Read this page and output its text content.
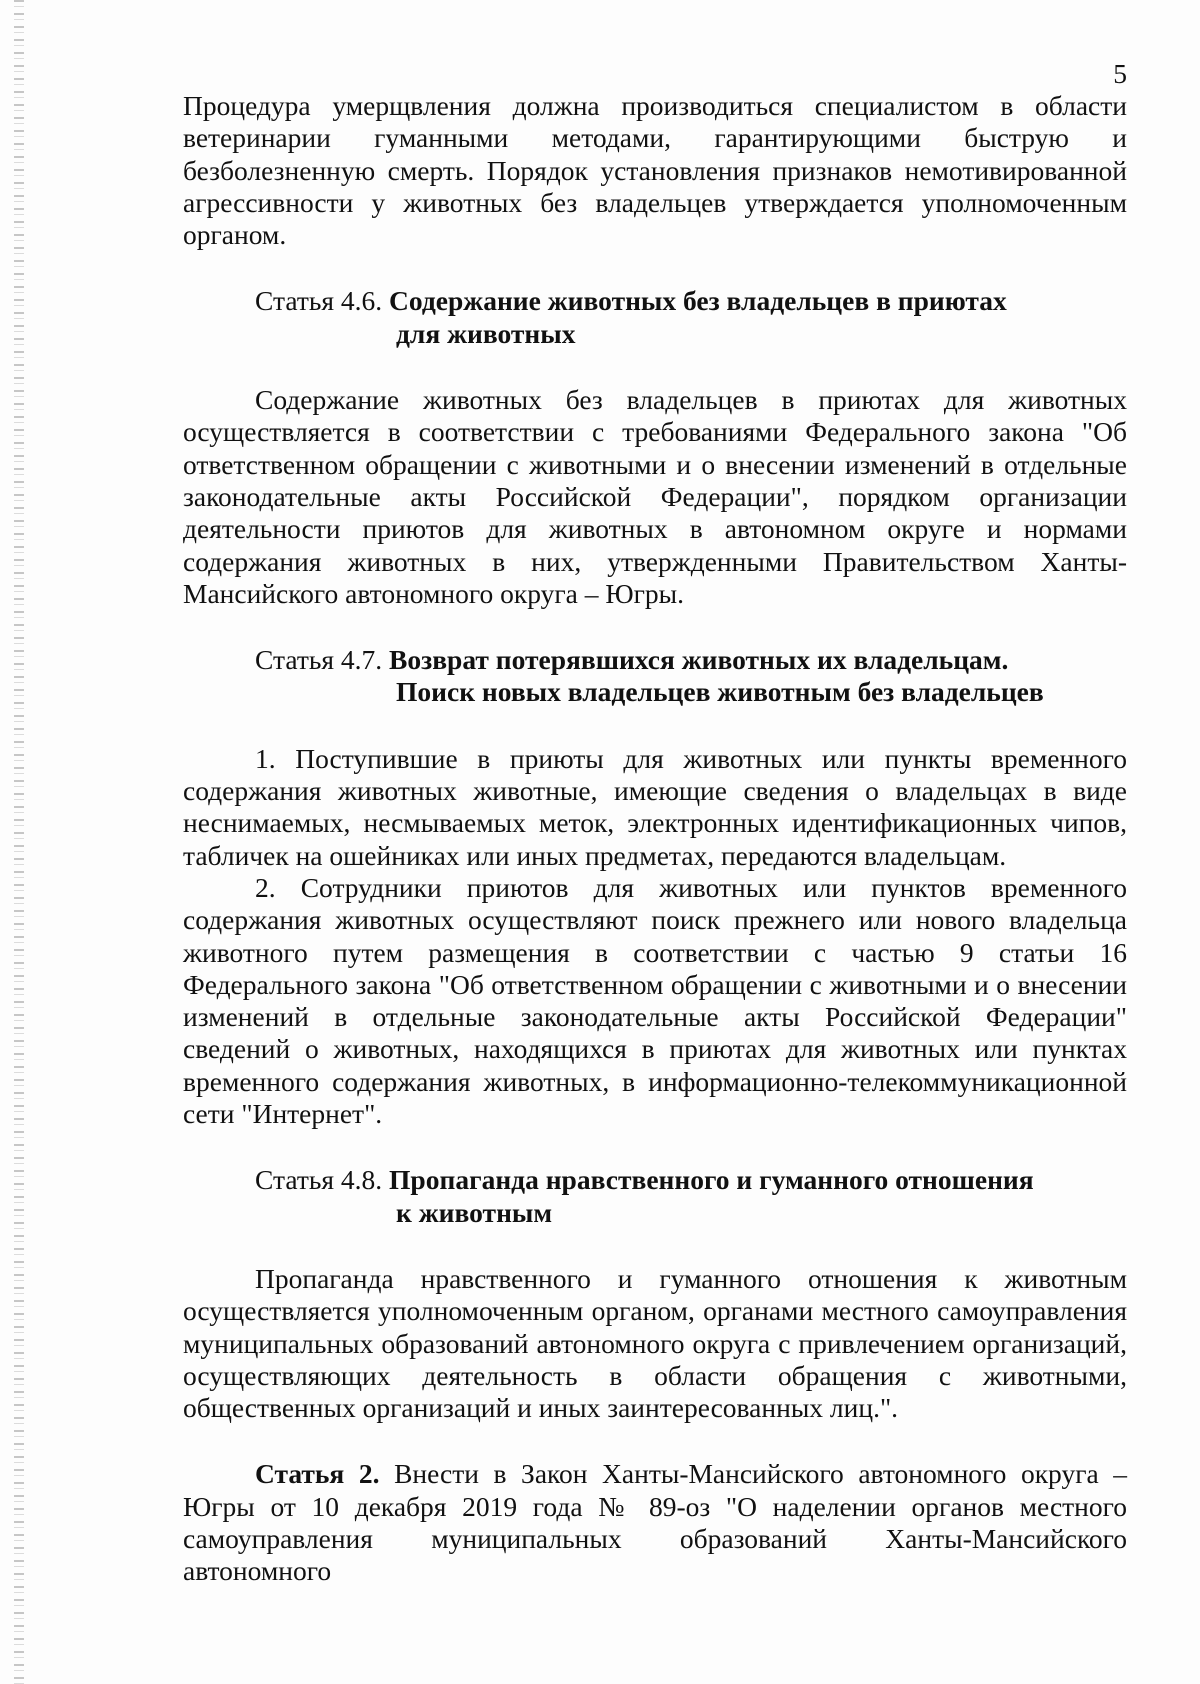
5

Процедура умерщвления должна производиться специалистом в области ветеринарии гуманными методами, гарантирующими быструю и безболезненную смерть. Порядок установления признаков немотивированной агрессивности у животных без владельцев утверждается уполномоченным органом.

Статья 4.6. Содержание животных без владельцев в приютах
для животных

Содержание животных без владельцев в приютах для животных осуществляется в соответствии с требованиями Федерального закона "Об ответственном обращении с животными и о внесении изменений в отдельные законодательные акты Российской Федерации", порядком организации деятельности приютов для животных в автономном округе и нормами содержания животных в них, утвержденными Правительством Ханты-Мансийского автономного округа – Югры.

Статья 4.7. Возврат потерявшихся животных их владельцам.
Поиск новых владельцев животным без владельцев

1. Поступившие в приюты для животных или пункты временного содержания животных животные, имеющие сведения о владельцах в виде неснимаемых, несмываемых меток, электронных идентификационных чипов, табличек на ошейниках или иных предметах, передаются владельцам.

2. Сотрудники приютов для животных или пунктов временного содержания животных осуществляют поиск прежнего или нового владельца животного путем размещения в соответствии с частью 9 статьи 16 Федерального закона "Об ответственном обращении с животными и о внесении изменений в отдельные законодательные акты Российской Федерации" сведений о животных, находящихся в приютах для животных или пунктах временного содержания животных, в информационно-телекоммуникационной сети "Интернет".

Статья 4.8. Пропаганда нравственного и гуманного отношения
к животным

Пропаганда нравственного и гуманного отношения к животным осуществляется уполномоченным органом, органами местного самоуправления муниципальных образований автономного округа с привлечением организаций, осуществляющих деятельность в области обращения с животными, общественных организаций и иных заинтересованных лиц.".

Статья 2. Внести в Закон Ханты-Мансийского автономного округа – Югры от 10 декабря 2019 года № 89-оз "О наделении органов местного самоуправления муниципальных образований Ханты-Мансийского автономного
